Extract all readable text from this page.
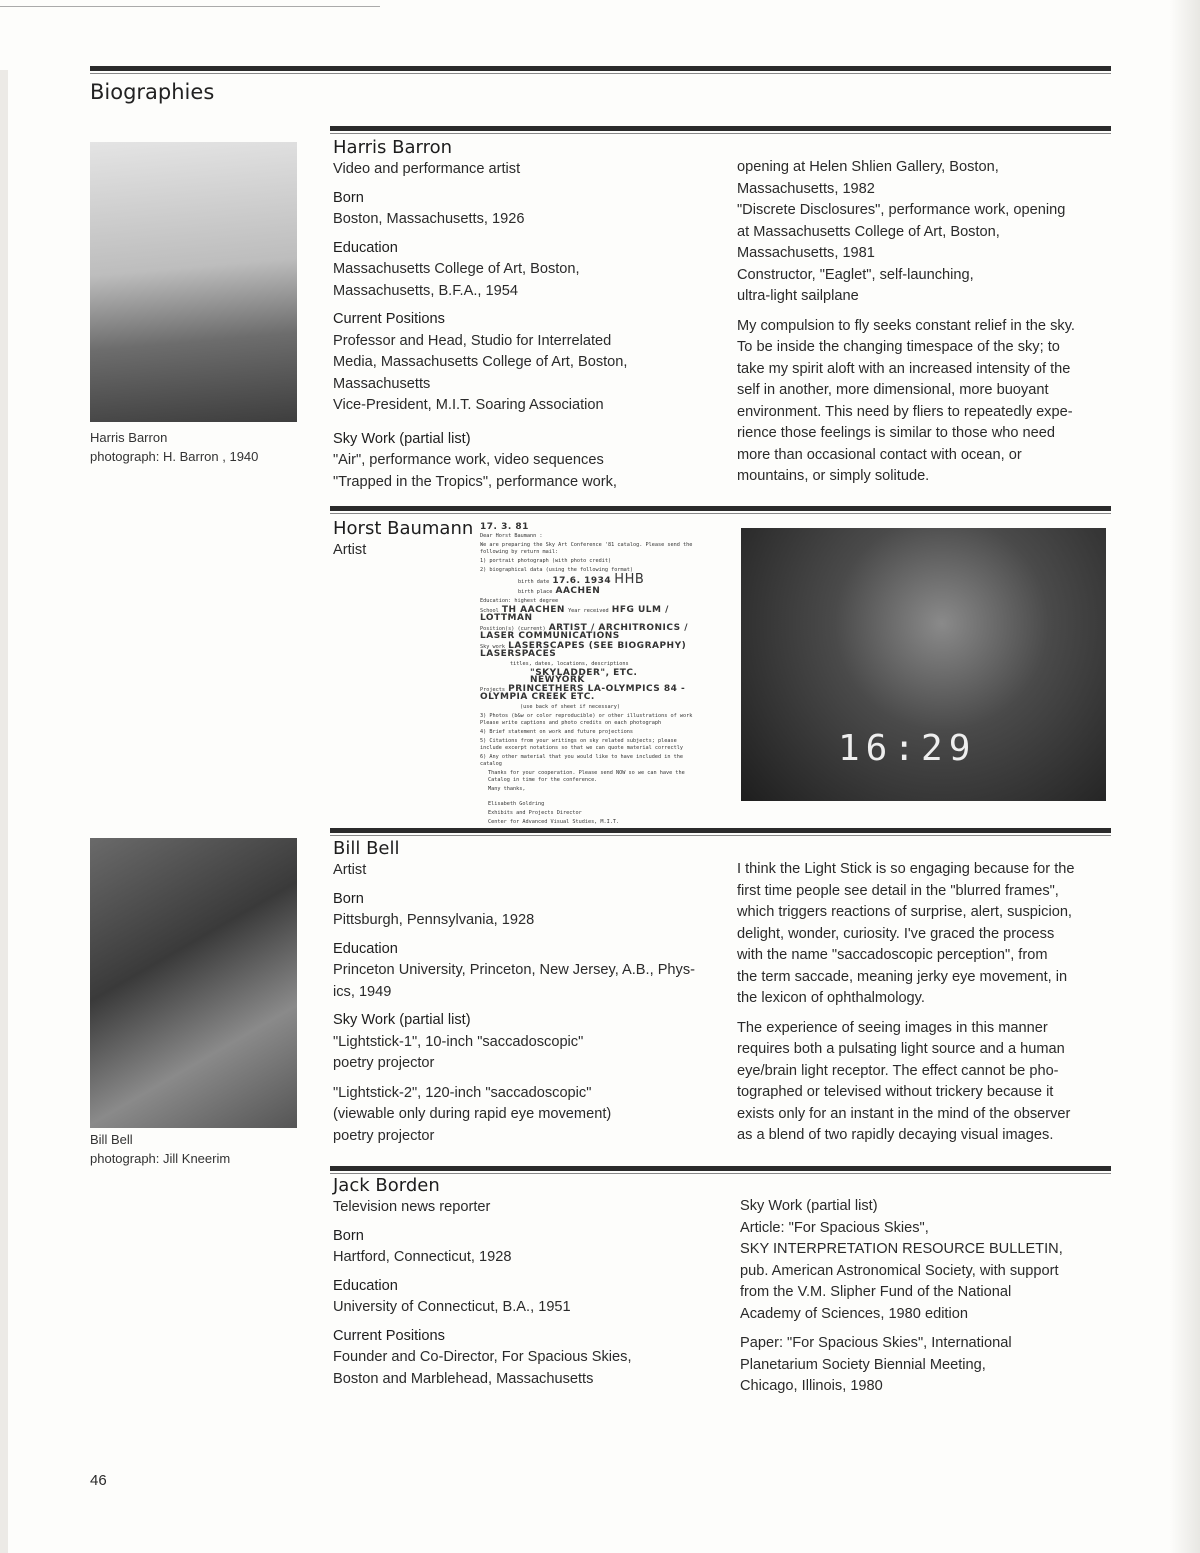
Biographies
Harris Barron
photograph: H. Barron , 1940

Harris Barron

Video and performance artist

Born

Boston, Massachusetts, 1926

Education

Massachusetts College of Art, Boston,

Massachusetts, B.F.A., 1954

Current Positions

Professor and Head, Studio for Interrelated

Media, Massachusetts College of Art, Boston,

Massachusetts

Vice-President, M.I.T. Soaring Association

Sky Work (partial list)

"Air", performance work, video sequences

"Trapped in the Tropics", performance work,

opening at Helen Shlien Gallery, Boston,

Massachusetts, 1982

"Discrete Disclosures", performance work, opening

at Massachusetts College of Art, Boston,

Massachusetts, 1981

Constructor, "Eaglet", self-launching,

ultra-light sailplane

My compulsion to fly seeks constant relief in the sky.

To be inside the changing timespace of the sky; to

take my spirit aloft with an increased intensity of the

self in another, more dimensional, more buoyant

environment. This need by fliers to repeatedly expe-

rience those feelings is similar to those who need

more than occasional contact with ocean, or

mountains, or simply solitude.

Horst Baumann

Artist

17. 3. 81

Dear Horst Baumann :

We are preparing the Sky Art Conference '81 catalog. Please send the following by return mail:

1) portrait photograph (with photo credit)

2) biographical data (using the following format)

birth date 17.6. 1934 HHB

birth place AACHEN

Education: highest degree

School TH AACHEN Year received HFG ULM / LOTTMAN

Position(s) (current) ARTIST / ARCHITRONICS / LASER COMMUNICATIONS

Sky work LASERSCAPES (SEE BIOGRAPHY) LASERSPACES

titles, dates, locations, descriptions

"SKYLADDER", ETC. NEWYORK

Projects PRINCETHERS LA-OLYMPICS 84 - OLYMPIA CREEK ETC.

(use back of sheet if necessary)

3) Photos (b&w or color reproducible) or other illustrations of work Please write captions and photo credits on each photograph

4) Brief statement on work and future projections

5) Citations from your writings on sky related subjects; please include excerpt notations so that we can quote material correctly

6) Any other material that you would like to have included in the catalog

Thanks for your cooperation. Please send NOW so we can have the Catalog in time for the conference.

Many thanks,

Elisabeth Goldring

Exhibits and Projects Director

Center for Advanced Visual Studies, M.I.T.

16:29
Bill Bell
photograph: Jill Kneerim

Bill Bell

Artist

Born

Pittsburgh, Pennsylvania, 1928

Education

Princeton University, Princeton, New Jersey, A.B., Phys-

ics, 1949

Sky Work (partial list)

"Lightstick-1", 10-inch "saccadoscopic"

poetry projector

"Lightstick-2", 120-inch "saccadoscopic"

(viewable only during rapid eye movement)

poetry projector

I think the Light Stick is so engaging because for the

first time people see detail in the "blurred frames",

which triggers reactions of surprise, alert, suspicion,

delight, wonder, curiosity. I've graced the process

with the name "saccadoscopic perception", from

the term saccade, meaning jerky eye movement, in

the lexicon of ophthalmology.

The experience of seeing images in this manner

requires both a pulsating light source and a human

eye/brain light receptor. The effect cannot be pho-

tographed or televised without trickery because it

exists only for an instant in the mind of the observer

as a blend of two rapidly decaying visual images.

Jack Borden

Television news reporter

Born

Hartford, Connecticut, 1928

Education

University of Connecticut, B.A., 1951

Current Positions

Founder and Co-Director, For Spacious Skies,

Boston and Marblehead, Massachusetts

Sky Work (partial list)

Article: "For Spacious Skies",

SKY INTERPRETATION RESOURCE BULLETIN,

pub. American Astronomical Society, with support

from the V.M. Slipher Fund of the National

Academy of Sciences, 1980 edition

Paper: "For Spacious Skies", International

Planetarium Society Biennial Meeting,

Chicago, Illinois, 1980

46
